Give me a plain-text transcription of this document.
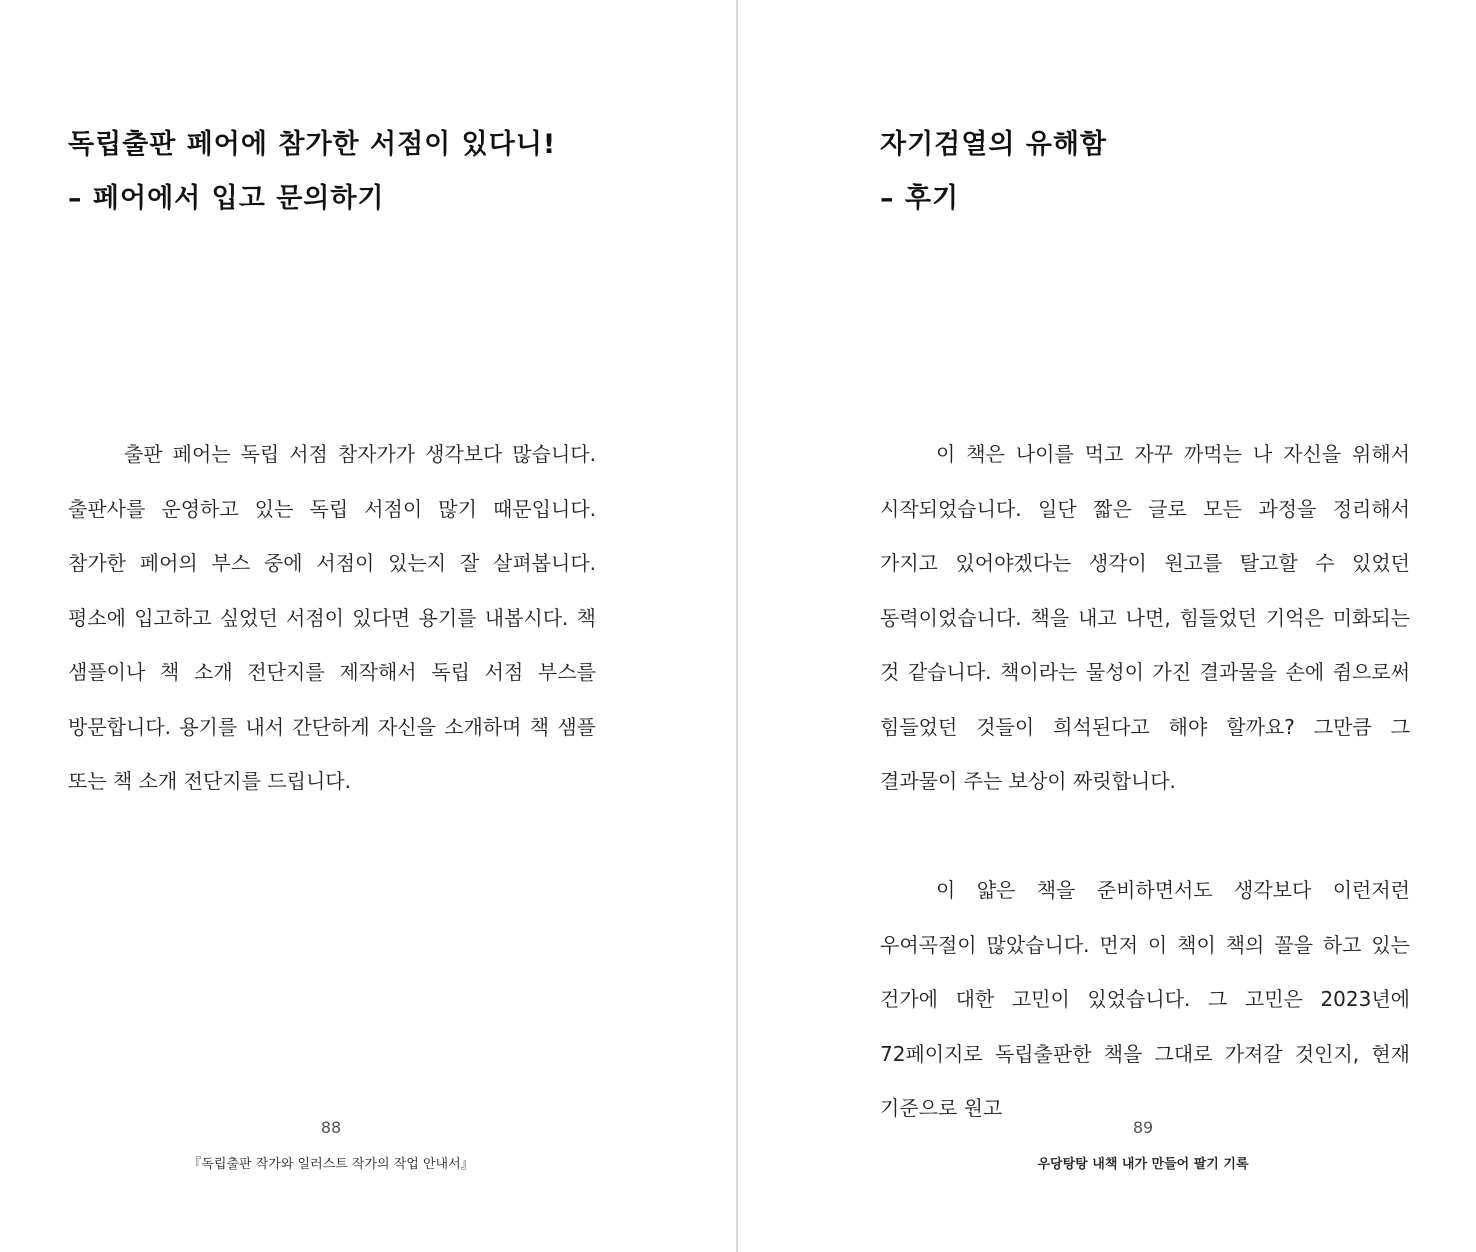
독립출판 페어에 참가한 서점이 있다니!
– 페어에서 입고 문의하기

출판 페어는 독립 서점 참자가가 생각보다 많습니다. 출판사를 운영하고 있는 독립 서점이 많기 때문입니다. 참가한 페어의 부스 중에 서점이 있는지 잘 살펴봅니다. 평소에 입고하고 싶었던 서점이 있다면 용기를 내봅시다. 책 샘플이나 책 소개 전단지를 제작해서 독립 서점 부스를 방문합니다. 용기를 내서 간단하게 자신을 소개하며 책 샘플 또는 책 소개 전단지를 드립니다.

88
『독립출판 작가와 일러스트 작가의 작업 안내서』
자기검열의 유해함
– 후기

이 책은 나이를 먹고 자꾸 까먹는 나 자신을 위해서 시작되었습니다. 일단 짧은 글로 모든 과정을 정리해서 가지고 있어야겠다는 생각이 원고를 탈고할 수 있었던 동력이었습니다. 책을 내고 나면, 힘들었던 기억은 미화되는 것 같습니다. 책이라는 물성이 가진 결과물을 손에 쥠으로써 힘들었던 것들이 희석된다고 해야 할까요? 그만큼 그 결과물이 주는 보상이 짜릿합니다.

이 얇은 책을 준비하면서도 생각보다 이런저런 우여곡절이 많았습니다. 먼저 이 책이 책의 꼴을 하고 있는 건가에 대한 고민이 있었습니다. 그 고민은 2023년에 72페이지로 독립출판한 책을 그대로 가져갈 것인지, 현재 기준으로 원고

89
우당탕탕 내책 내가 만들어 팔기 기록
